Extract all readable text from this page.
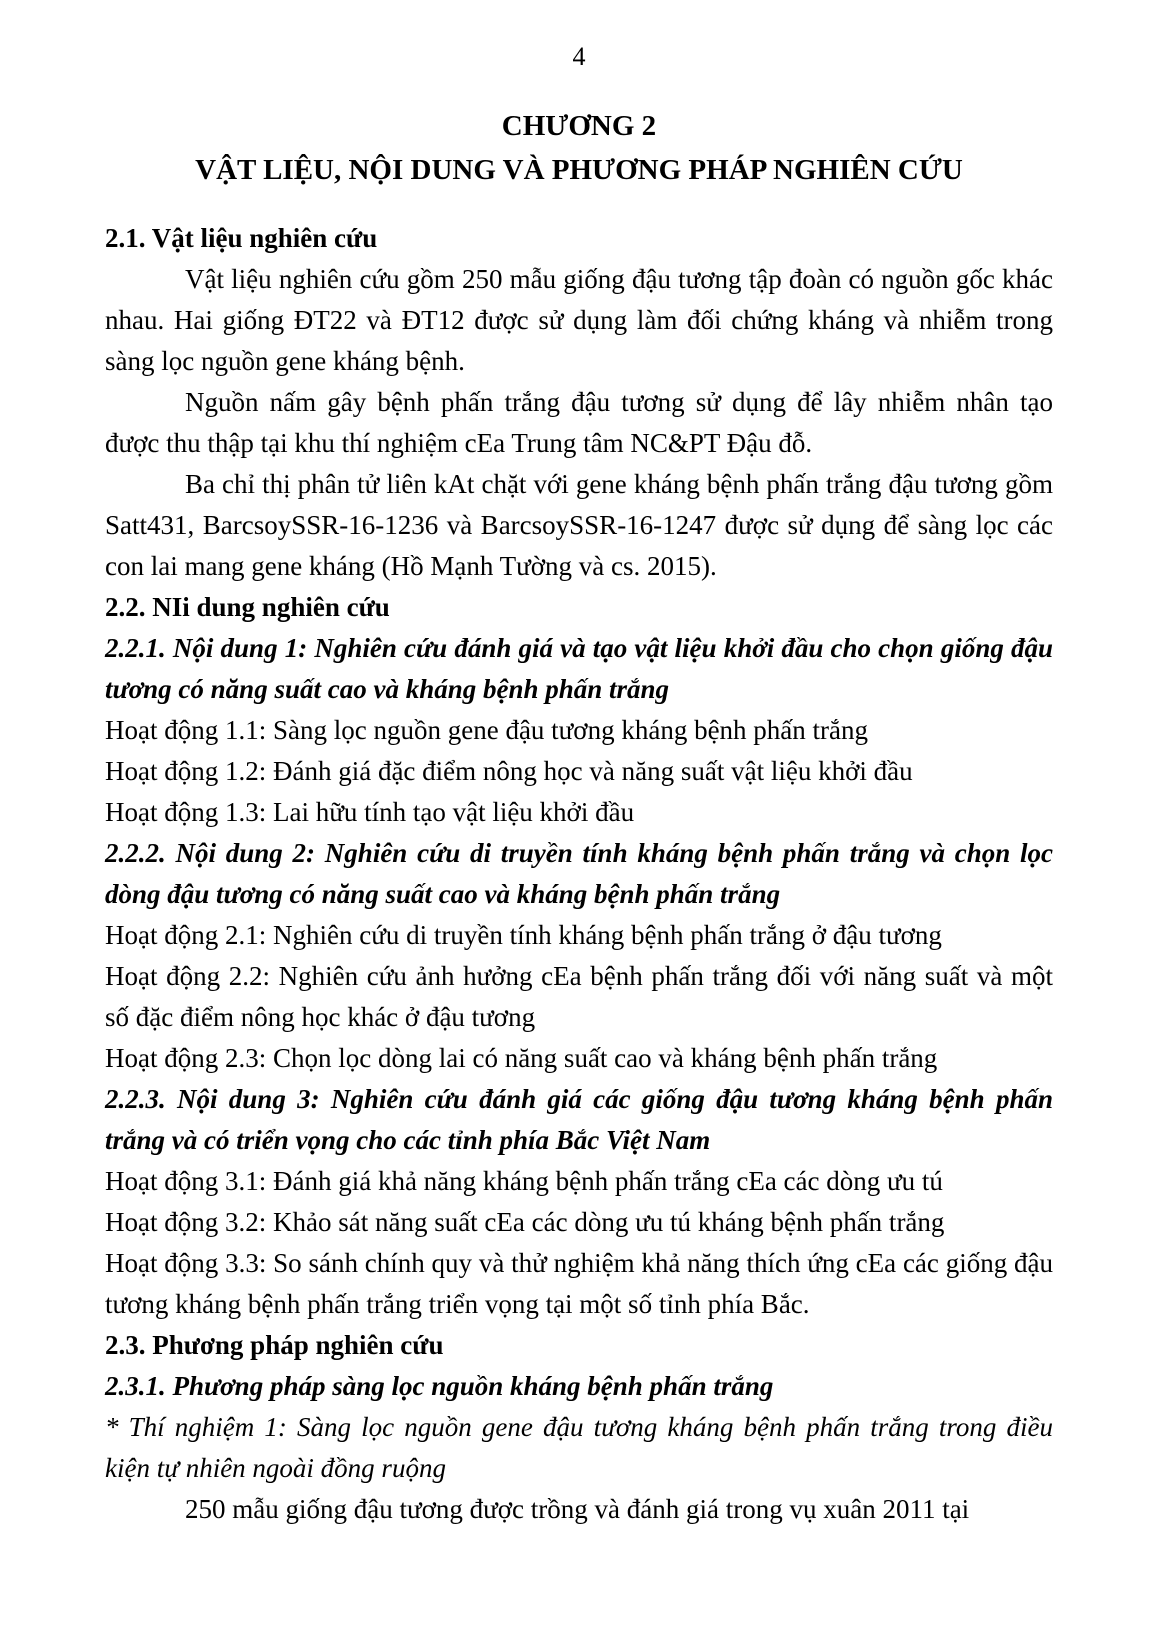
4
CHƯƠNG 2
VẬT LIỆU, NỘI DUNG VÀ PHƯƠNG PHÁP NGHIÊN CỨU

2.1. Vật liệu nghiên cứu

Vật liệu nghiên cứu gồm 250 mẫu giống đậu tương tập đoàn có nguồn gốc khác nhau. Hai giống ĐT22 và ĐT12 được sử dụng làm đối chứng kháng và nhiễm trong sàng lọc nguồn gene kháng bệnh.

Nguồn nấm gây bệnh phấn trắng đậu tương sử dụng để lây nhiễm nhân tạo được thu thập tại khu thí nghiệm cEa Trung tâm NC&PT Đậu đỗ.

Ba chỉ thị phân tử liên kAt chặt với gene kháng bệnh phấn trắng đậu tương gồm Satt431, BarcsoySSR-16-1236 và BarcsoySSR-16-1247 được sử dụng để sàng lọc các con lai mang gene kháng (Hồ Mạnh Tường và cs. 2015).

2.2. NIi dung nghiên cứu

2.2.1. Nội dung 1: Nghiên cứu đánh giá và tạo vật liệu khởi đầu cho chọn giống đậu tương có năng suất cao và kháng bệnh phấn trắng

Hoạt động 1.1: Sàng lọc nguồn gene đậu tương kháng bệnh phấn trắng

Hoạt động 1.2: Đánh giá đặc điểm nông học và năng suất vật liệu khởi đầu

Hoạt động 1.3: Lai hữu tính tạo vật liệu khởi đầu

2.2.2. Nội dung 2: Nghiên cứu di truyền tính kháng bệnh phấn trắng và chọn lọc dòng đậu tương có năng suất cao và kháng bệnh phấn trắng

Hoạt động 2.1: Nghiên cứu di truyền tính kháng bệnh phấn trắng ở đậu tương

Hoạt động 2.2: Nghiên cứu ảnh hưởng cEa bệnh phấn trắng đối với năng suất và một số đặc điểm nông học khác ở đậu tương

Hoạt động 2.3: Chọn lọc dòng lai có năng suất cao và kháng bệnh phấn trắng

2.2.3. Nội dung 3: Nghiên cứu đánh giá các giống đậu tương kháng bệnh phấn trắng và có triển vọng cho các tỉnh phía Bắc Việt Nam

Hoạt động 3.1: Đánh giá khả năng kháng bệnh phấn trắng cEa các dòng ưu tú

Hoạt động 3.2: Khảo sát năng suất cEa các dòng ưu tú kháng bệnh phấn trắng

Hoạt động 3.3: So sánh chính quy và thử nghiệm khả năng thích ứng cEa các giống đậu tương kháng bệnh phấn trắng triển vọng tại một số tỉnh phía Bắc.

2.3. Phương pháp nghiên cứu

2.3.1. Phương pháp sàng lọc nguồn kháng bệnh phấn trắng

* Thí nghiệm 1: Sàng lọc nguồn gene đậu tương kháng bệnh phấn trắng trong điều kiện tự nhiên ngoài đồng ruộng

250 mẫu giống đậu tương được trồng và đánh giá trong vụ xuân 2011 tại
